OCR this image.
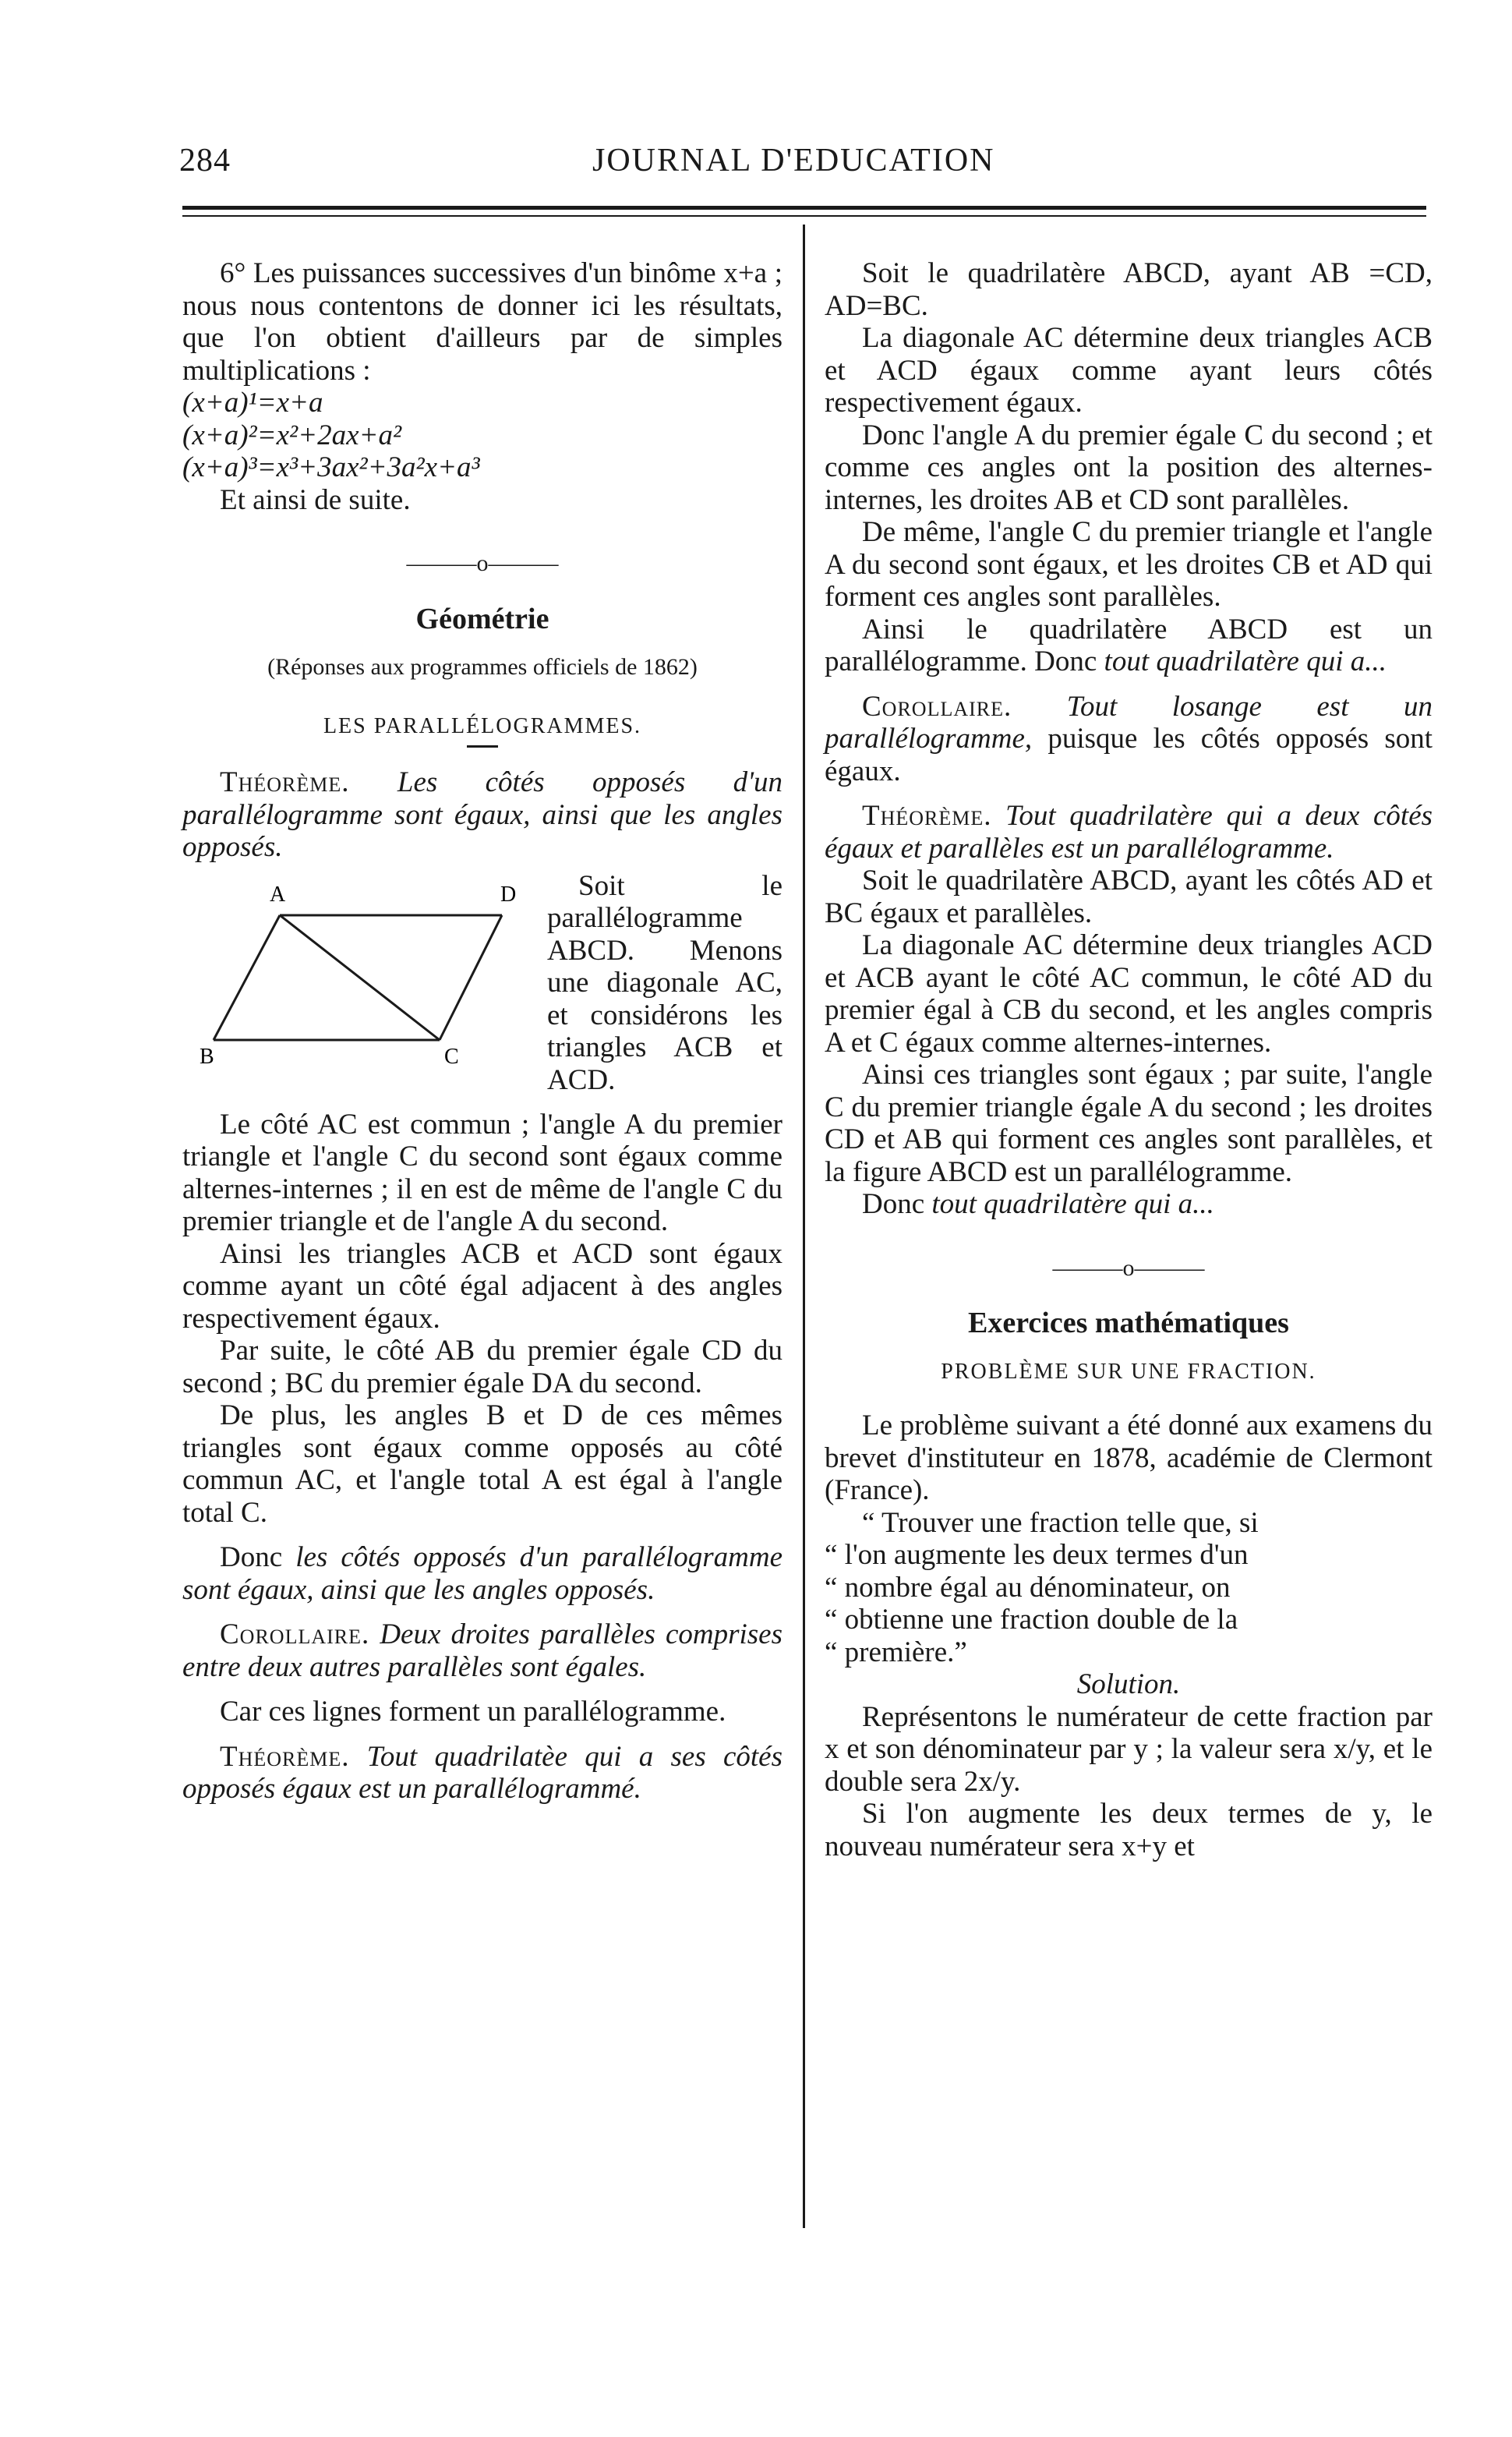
284	JOURNAL D'EDUCATION

6° Les puissances successives d'un binôme x+a ; nous nous contentons de donner ici les résultats, que l'on obtient d'ailleurs par de simples multiplications :

(x+a)¹=x+a

(x+a)²=x²+2ax+a²

(x+a)³=x³+3ax²+3a²x+a³

Et ainsi de suite.

———o———

Géométrie

(Réponses aux programmes officiels de 1862)

LES PARALLÉLOGRAMMES.

Théorème. Les côtés opposés d'un parallélogramme sont égaux, ainsi que les angles opposés.

A	D
B	C

Soit le parallélogramme ABCD. Menons une diagonale AC, et considérons les triangles ACB et ACD.

Le côté AC est commun ; l'angle A du premier triangle et l'angle C du second sont égaux comme alternes-internes ; il en est de même de l'angle C du premier triangle et de l'angle A du second.

Ainsi les triangles ACB et ACD sont égaux comme ayant un côté égal adjacent à des angles respectivement égaux.

Par suite, le côté AB du premier égale CD du second ; BC du premier égale DA du second.

De plus, les angles B et D de ces mêmes triangles sont égaux comme opposés au côté commun AC, et l'angle total A est égal à l'angle total C.

Donc les côtés opposés d'un parallélogramme sont égaux, ainsi que les angles opposés.

Corollaire. Deux droites parallèles comprises entre deux autres parallèles sont égales.

Car ces lignes forment un parallélogramme.

Théorème. Tout quadrilatèe qui a ses côtés opposés égaux est un parallélogrammé.

Soit le quadrilatère ABCD, ayant AB =CD, AD=BC.

La diagonale AC détermine deux triangles ACB et ACD égaux comme ayant leurs côtés respectivement égaux.

Donc l'angle A du premier égale C du second ; et comme ces angles ont la position des alternes-internes, les droites AB et CD sont parallèles.

De même, l'angle C du premier triangle et l'angle A du second sont égaux, et les droites CB et AD qui forment ces angles sont parallèles.

Ainsi le quadrilatère ABCD est un parallélogramme. Donc tout quadrilatère qui a...

Corollaire. Tout losange est un parallélogramme, puisque les côtés opposés sont égaux.

Théorème. Tout quadrilatère qui a deux côtés égaux et parallèles est un parallélogramme.

Soit le quadrilatère ABCD, ayant les côtés AD et BC égaux et parallèles.

La diagonale AC détermine deux triangles ACD et ACB ayant le côté AC commun, le côté AD du premier égal à CB du second, et les angles compris A et C égaux comme alternes-internes.

Ainsi ces triangles sont égaux ; par suite, l'angle C du premier triangle égale A du second ; les droites CD et AB qui forment ces angles sont parallèles, et la figure ABCD est un parallélogramme.

Donc tout quadrilatère qui a...

———o———

Exercices mathématiques

PROBLÈME SUR UNE FRACTION.

Le problème suivant a été donné aux examens du brevet d'instituteur en 1878, académie de Clermont (France).

“ Trouver une fraction telle que, si

“ l'on augmente les deux termes d'un

“ nombre égal au dénominateur, on

“ obtienne une fraction double de la

“ première.”

Solution.

Représentons le numérateur de cette fraction par x et son dénominateur par y ; la valeur sera x/y, et le double sera 2x/y.

Si l'on augmente les deux termes de y, le nouveau numérateur sera x+y et
